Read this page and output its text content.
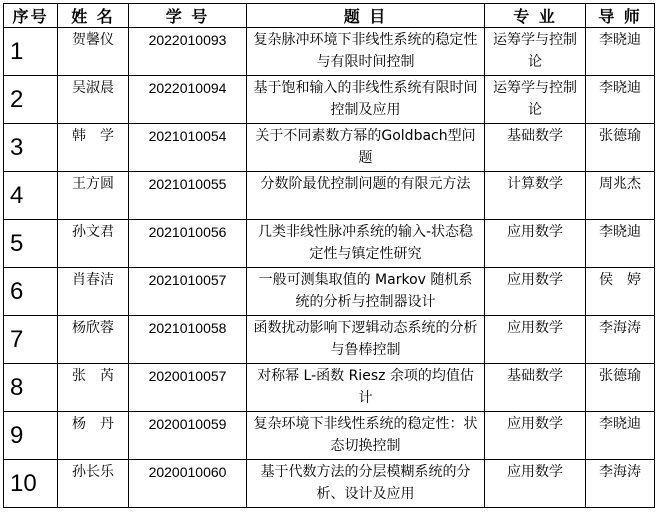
序号	姓 名	学 号	题 目	专 业	导 师
1	贺馨仪	2022010093	复杂脉冲环境下非线性系统的稳定性与有限时间控制	运筹学与控制论	李晓迪
2	吴淑晨	2022010094	基于饱和输入的非线性系统有限时间控制及应用	运筹学与控制论	李晓迪
3	韩　学	2021010054	关于不同素数方幂的Goldbach型问题	基础数学	张德瑜
4	王方圆	2021010055	分数阶最优控制问题的有限元方法	计算数学	周兆杰
5	孙文君	2021010056	几类非线性脉冲系统的输入-状态稳定性与镇定性研究	应用数学	李晓迪
6	肖春洁	2021010057	一般可测集取值的 Markov 随机系统的分析与控制器设计	应用数学	侯　婷
7	杨欣蓉	2021010058	函数扰动影响下逻辑动态系统的分析与鲁棒控制	应用数学	李海涛
8	张　芮	2020010057	对称幂 L-函数 Riesz 余项的均值估计	基础数学	张德瑜
9	杨　丹	2020010059	复杂环境下非线性系统的稳定性：状态切换控制	应用数学	李晓迪
10	孙长乐	2020010060	基于代数方法的分层模糊系统的分析、设计及应用	应用数学	李海涛
